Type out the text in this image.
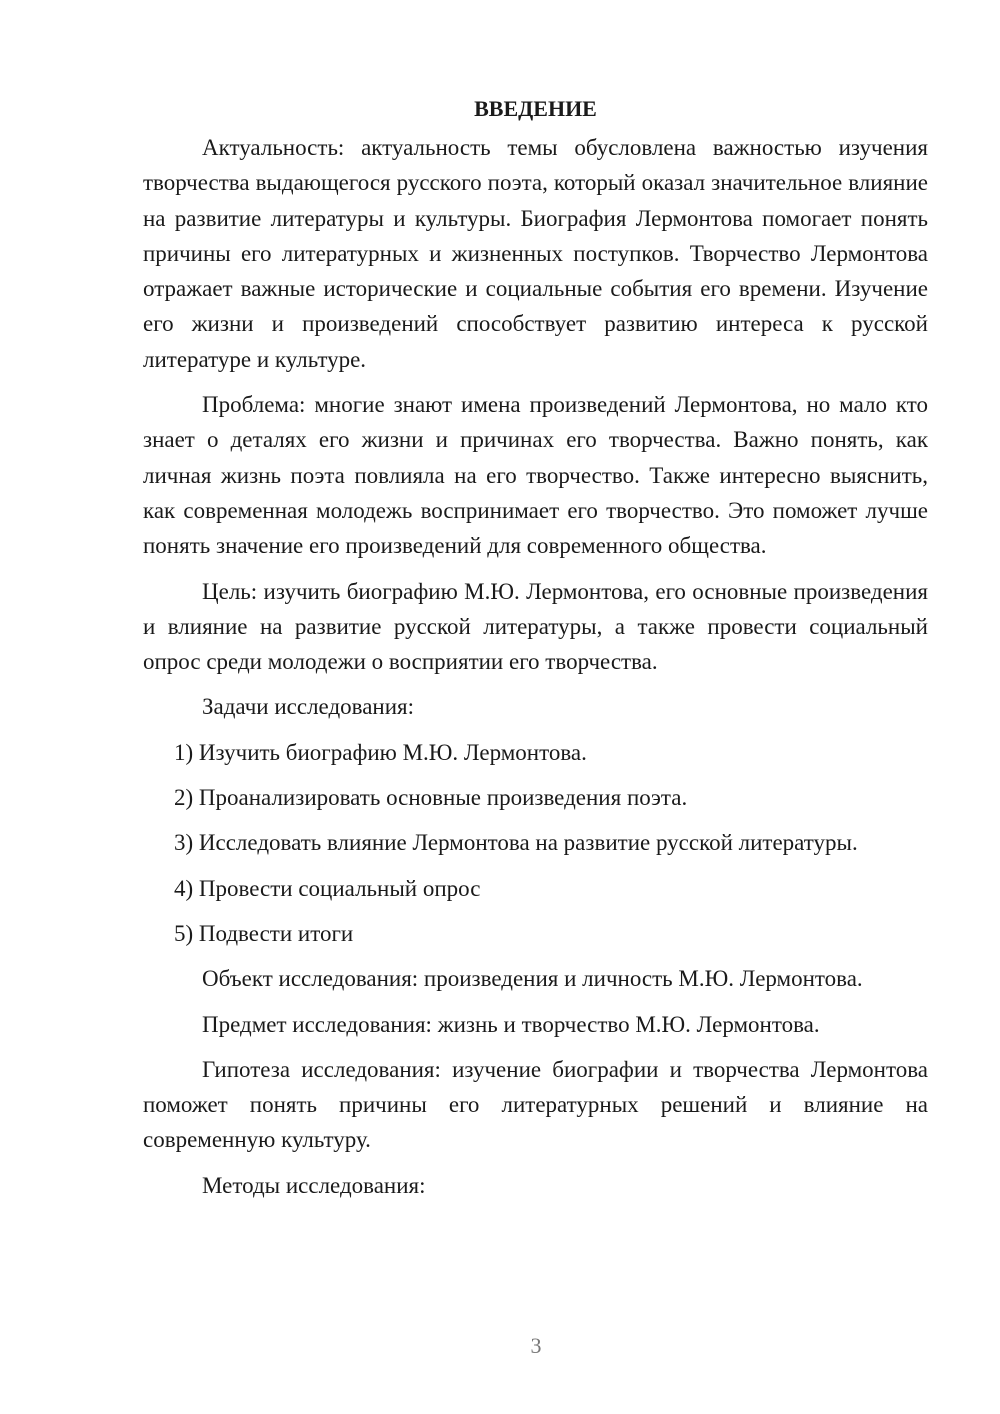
ВВЕДЕНИЕ

Актуальность: актуальность темы обусловлена важностью изучения творчества выдающегося русского поэта, который оказал значительное влияние на развитие литературы и культуры. Биография Лермонтова помогает понять причины его литературных и жизненных поступков. Творчество Лермонтова отражает важные исторические и социальные события его времени. Изучение его жизни и произведений способствует развитию интереса к русской литературе и культуре.

Проблема: многие знают имена произведений Лермонтова, но мало кто знает о деталях его жизни и причинах его творчества. Важно понять, как личная жизнь поэта повлияла на его творчество. Также интересно выяснить, как современная молодежь воспринимает его творчество. Это поможет лучше понять значение его произведений для современного общества.

Цель: изучить биографию М.Ю. Лермонтова, его основные произведения и влияние на развитие русской литературы, а также провести социальный опрос среди молодежи о восприятии его творчества.

Задачи исследования:

1) Изучить биографию М.Ю. Лермонтова.
2) Проанализировать основные произведения поэта.
3) Исследовать влияние Лермонтова на развитие русской литературы.
4) Провести социальный опрос
5) Подвести итоги

Объект исследования: произведения и личность М.Ю. Лермонтова.

Предмет исследования: жизнь и творчество М.Ю. Лермонтова.

Гипотеза исследования: изучение биографии и творчества Лермонтова поможет понять причины его литературных решений и влияние на современную культуру.

Методы исследования:

3
